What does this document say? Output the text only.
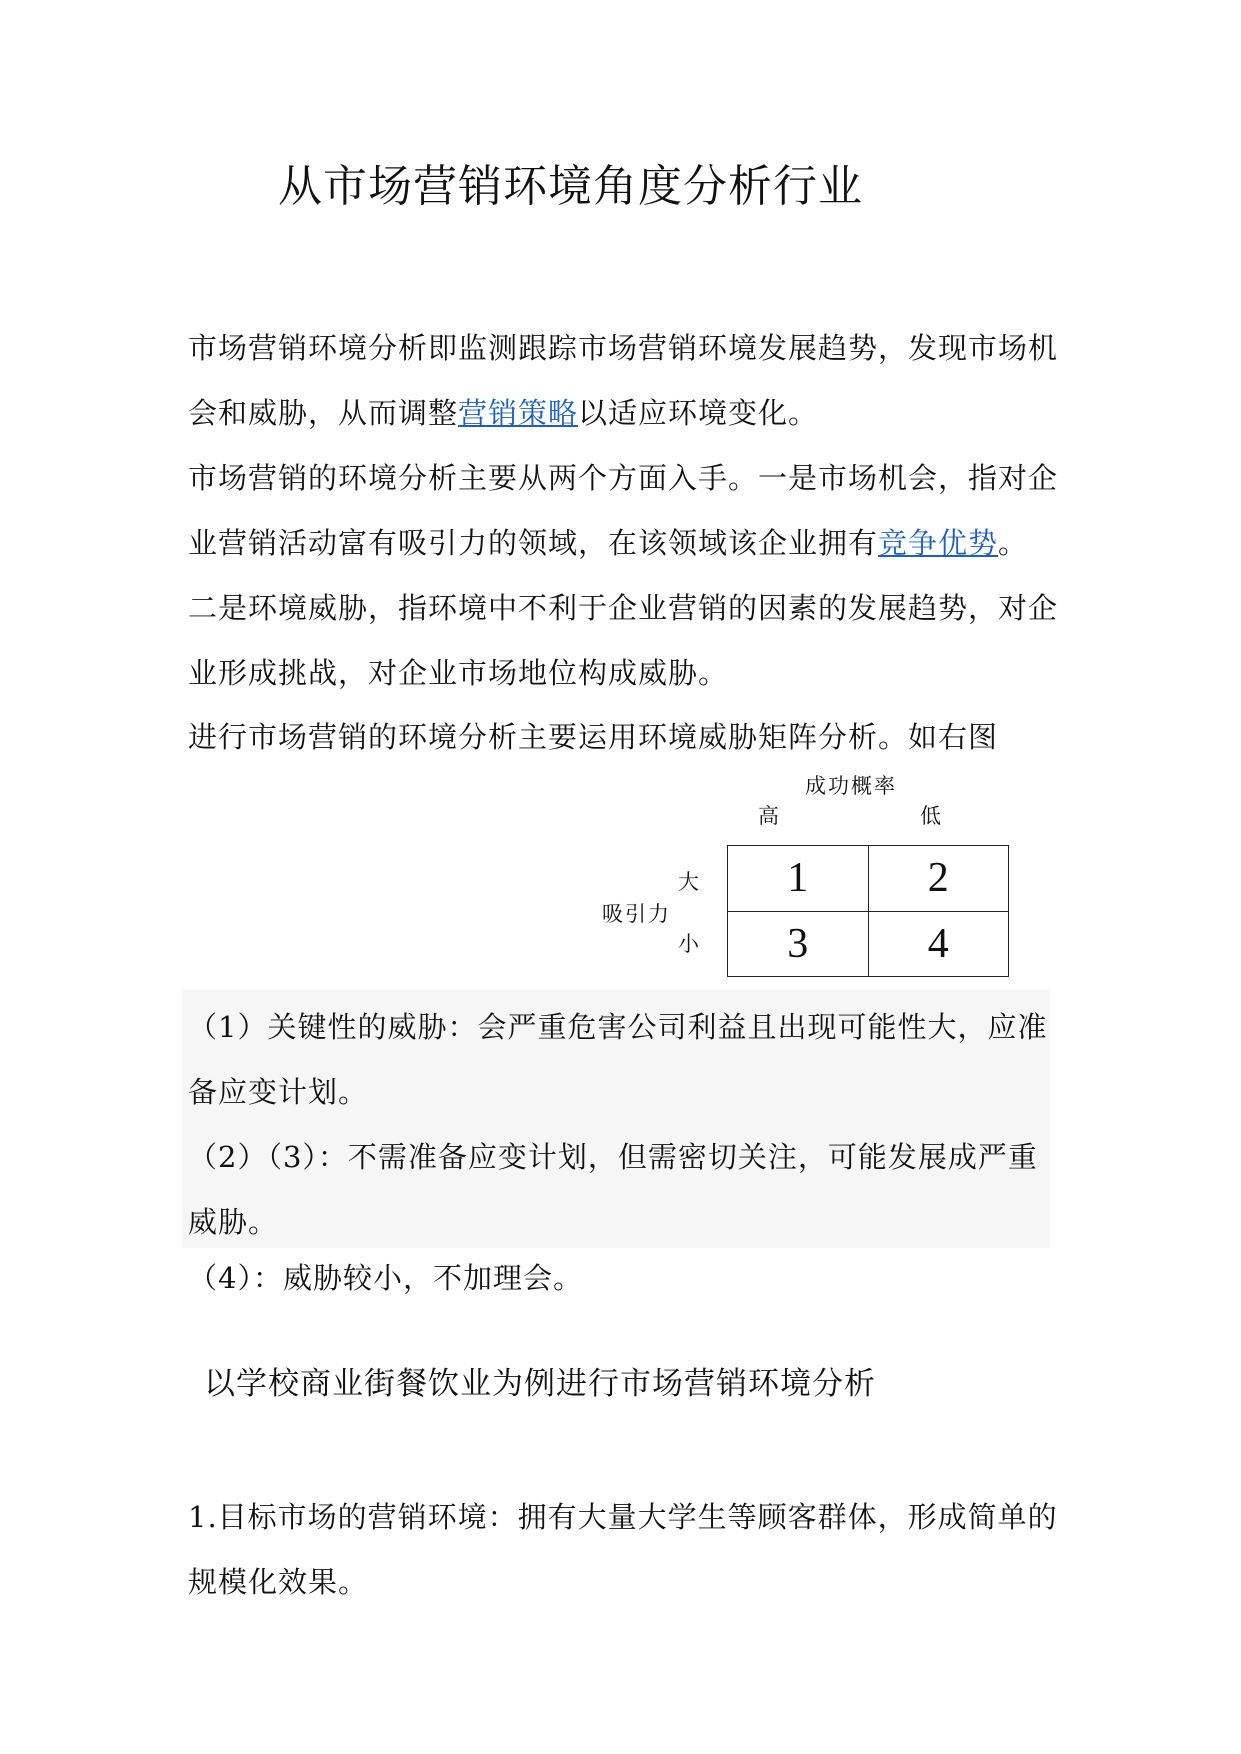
从市场营销环境角度分析行业

市场营销环境分析即监测跟踪市场营销环境发展趋势，发现市场机会和威胁，从而调整营销策略以适应环境变化。

市场营销的环境分析主要从两个方面入手。一是市场机会，指对企业营销活动富有吸引力的领域，在该领域该企业拥有竞争优势。二是环境威胁，指环境中不利于企业营销的因素的发展趋势，对企业形成挑战，对企业市场地位构成威胁。

进行市场营销的环境分析主要运用环境威胁矩阵分析。如右图

成功概率
高	低
吸引力
大
小
1	2
3	4

（1）关键性的威胁：会严重危害公司利益且出现可能性大，应准备应变计划。
（2）（3）：不需准备应变计划，但需密切关注，可能发展成严重威胁。

（4）：威胁较小，不加理会。

以学校商业街餐饮业为例进行市场营销环境分析

1.目标市场的营销环境：拥有大量大学生等顾客群体，形成简单的规模化效果。
